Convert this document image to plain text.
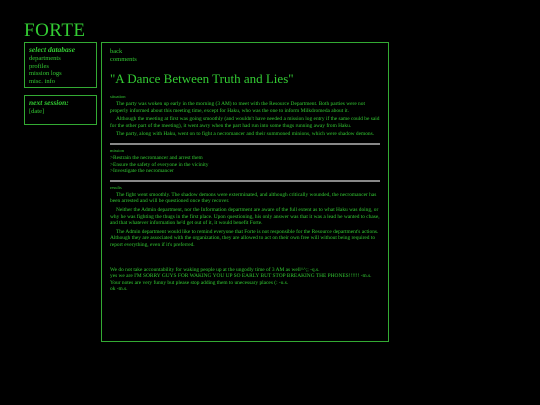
FORTE
select database
departments
profiles
mission logs
misc. info
next session:
[date]
back
comments
"A Dance Between Truth and Lies"
situation

The party was woken up early in the morning (3 AM) to meet with the Resource Department. Both parties were not properly informed about this meeting time, except for Haku, who was the one to inform Milkdromeda about it.

Although the meeting at first was going smoothly (and wouldn't have needed a mission log entry if the same could be said for the other part of the meeting), it went awry when the part had run into some thugs running away from Haku.

The party, along with Haku, went on to fight a necromancer and their summoned minions, which were shadow demons.

mission
>Restrain the necromancer and arrest them
>Ensure the safety of everyone in the vicinity
>Investigate the necromancer
results

The fight went smoothly. The shadow demons were exterminated, and although critically wounded, the necromancer has been arrested and will be questioned once they recover.

Neither the Admin department, nor the Information department are aware of the full extent as to what Haku was doing, or why he was fighting the thugs in the first place. Upon questioning, his only answer was that it was a lead he wanted to chase, and that whatever information he'd get out of it, it would benefit Forte.

The Admin department would like to remind everyone that Forte is not responsible for the Resource department's actions. Although they are associated with the organization, they are allowed to act on their own free will without being required to report everything, even if it's preferred.

We do not take accountability for waking people up at the ungodly time of 3 AM as well^^;; -q.s.
yes we are I'M SORRY GUYS FOR WAKING YOU UP SO EARLY BUT STOP BREAKING THE PHONES!!!!!! -m.s.
Your notes are very funny but please stop adding them to unecessary places (: -u.s.
ok -m.s.
